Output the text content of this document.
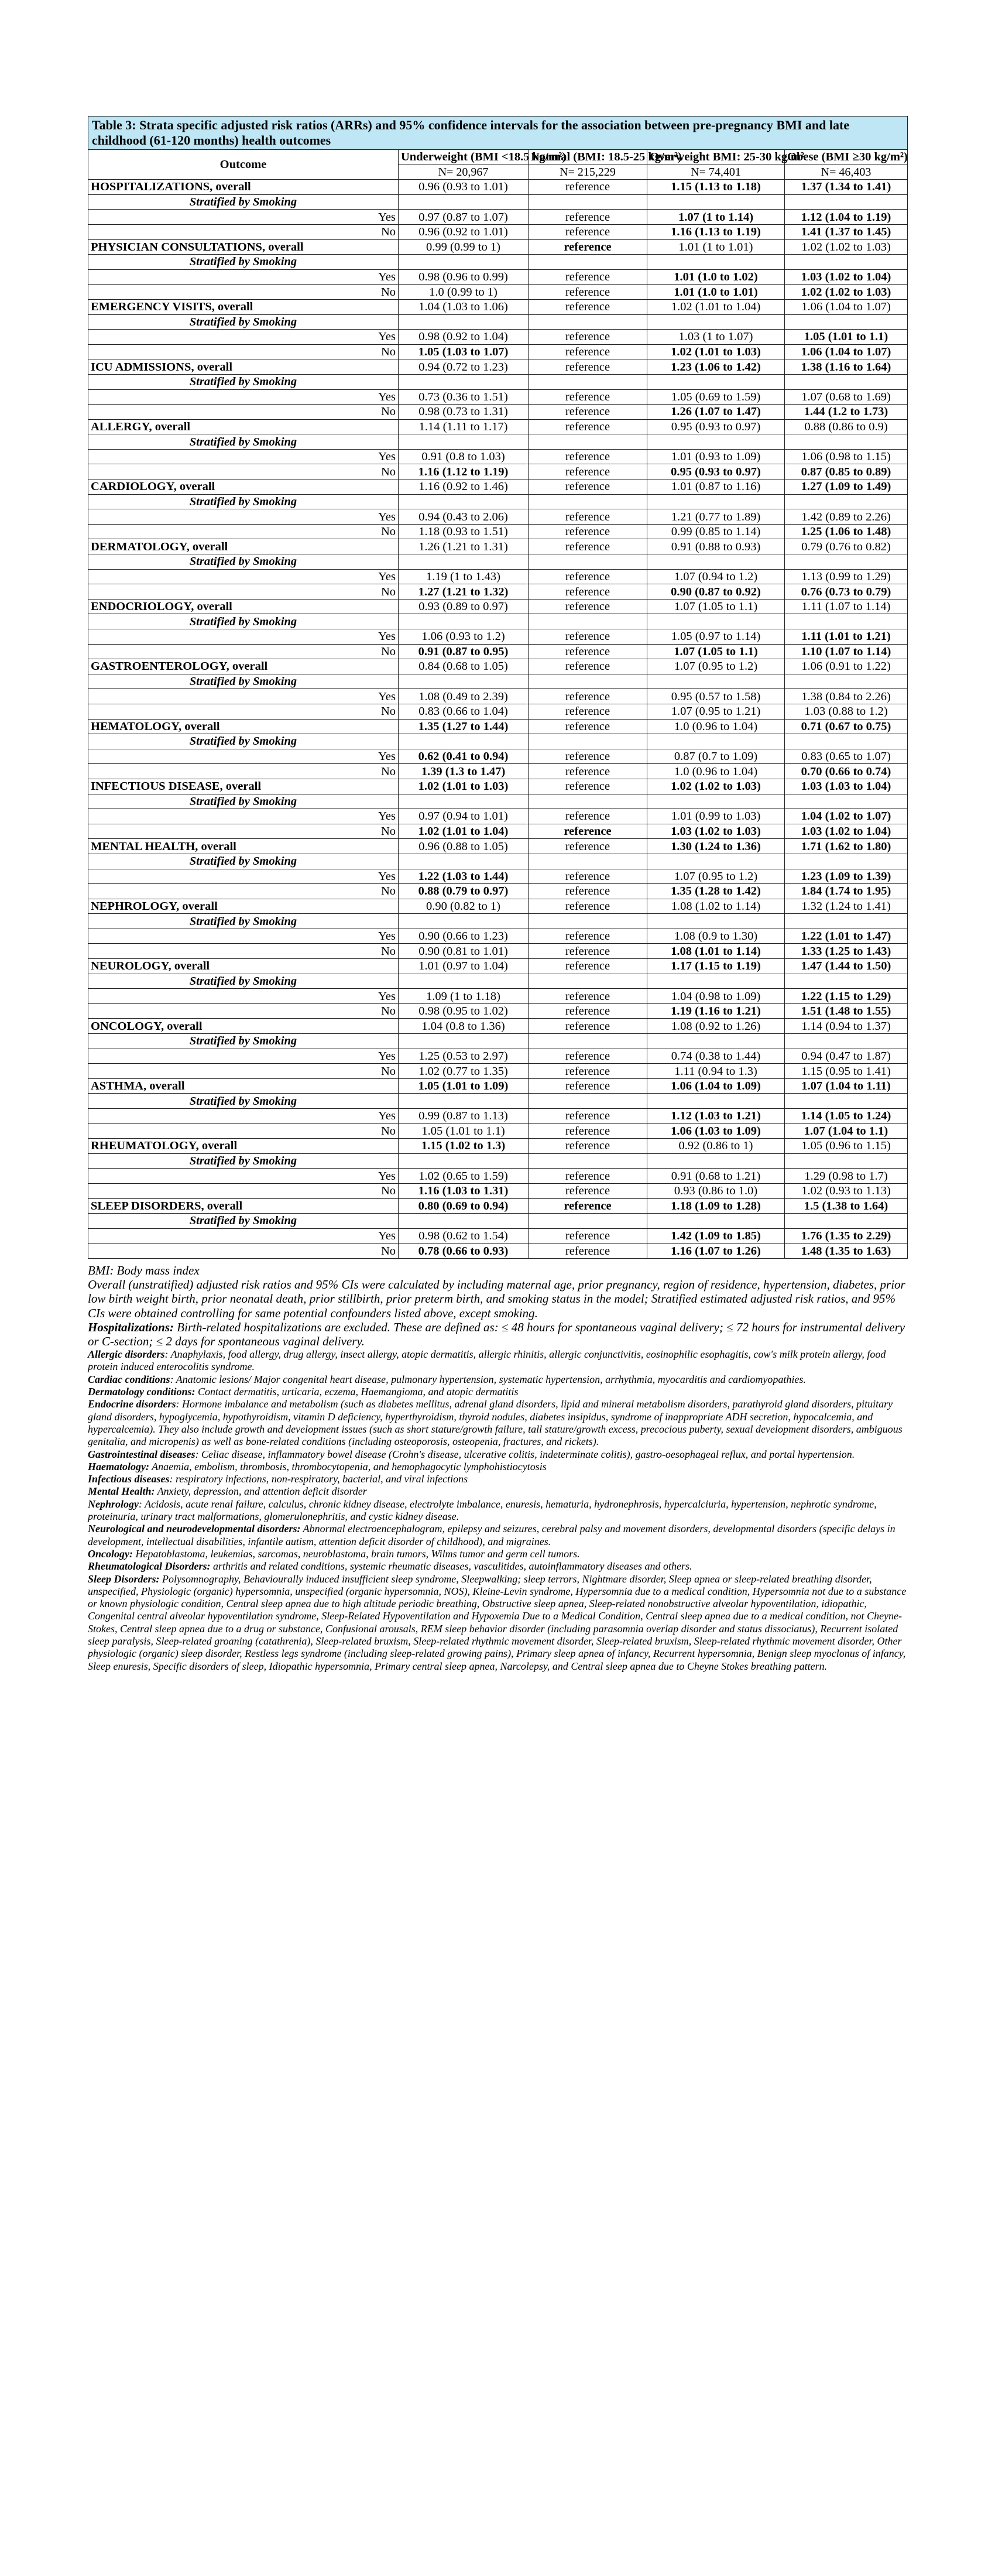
Table 3: Strata specific adjusted risk ratios (ARRs) and 95% confidence intervals for the association between pre-pregnancy BMI and late childhood (61-120 months) health outcomes				
Outcome	Underweight (BMI <18.5 kg/m²)	Normal (BMI: 18.5-25 kg/m²)	Overweight BMI: 25-30 kg/m²	Obese (BMI ≥30 kg/m²)
	N= 20,967	N= 215,229	N= 74,401	N= 46,403
HOSPITALIZATIONS, overall	0.96 (0.93 to 1.01)	reference	1.15 (1.13 to 1.18)	1.37 (1.34 to 1.41)
Stratified by Smoking				
Yes	0.97 (0.87 to 1.07)	reference	1.07 (1 to 1.14)	1.12 (1.04 to 1.19)
No	0.96 (0.92 to 1.01)	reference	1.16 (1.13 to 1.19)	1.41 (1.37 to 1.45)
PHYSICIAN CONSULTATIONS, overall	0.99 (0.99 to 1)	reference	1.01 (1 to 1.01)	1.02 (1.02 to 1.03)
Stratified by Smoking				
Yes	0.98 (0.96 to 0.99)	reference	1.01 (1.0 to 1.02)	1.03 (1.02 to 1.04)
No	1.0 (0.99 to 1)	reference	1.01 (1.0 to 1.01)	1.02 (1.02 to 1.03)
EMERGENCY VISITS, overall	1.04 (1.03 to 1.06)	reference	1.02 (1.01 to 1.04)	1.06 (1.04 to 1.07)
Stratified by Smoking				
Yes	0.98 (0.92 to 1.04)	reference	1.03 (1 to 1.07)	1.05 (1.01 to 1.1)
No	1.05 (1.03 to 1.07)	reference	1.02 (1.01 to 1.03)	1.06 (1.04 to 1.07)
ICU ADMISSIONS, overall	0.94 (0.72 to 1.23)	reference	1.23 (1.06 to 1.42)	1.38 (1.16 to 1.64)
Stratified by Smoking				
Yes	0.73 (0.36 to 1.51)	reference	1.05 (0.69 to 1.59)	1.07 (0.68 to 1.69)
No	0.98 (0.73 to 1.31)	reference	1.26 (1.07 to 1.47)	1.44 (1.2 to 1.73)
ALLERGY, overall	1.14 (1.11 to 1.17)	reference	0.95 (0.93 to 0.97)	0.88 (0.86 to 0.9)
Stratified by Smoking				
Yes	0.91 (0.8 to 1.03)	reference	1.01 (0.93 to 1.09)	1.06 (0.98 to 1.15)
No	1.16 (1.12 to 1.19)	reference	0.95 (0.93 to 0.97)	0.87 (0.85 to 0.89)
CARDIOLOGY, overall	1.16 (0.92 to 1.46)	reference	1.01 (0.87 to 1.16)	1.27 (1.09 to 1.49)
Stratified by Smoking				
Yes	0.94 (0.43 to 2.06)	reference	1.21 (0.77 to 1.89)	1.42 (0.89 to 2.26)
No	1.18 (0.93 to 1.51)	reference	0.99 (0.85 to 1.14)	1.25 (1.06 to 1.48)
DERMATOLOGY, overall	1.26 (1.21 to 1.31)	reference	0.91 (0.88 to 0.93)	0.79 (0.76 to 0.82)
Stratified by Smoking				
Yes	1.19 (1 to 1.43)	reference	1.07 (0.94 to 1.2)	1.13 (0.99 to 1.29)
No	1.27 (1.21 to 1.32)	reference	0.90 (0.87 to 0.92)	0.76 (0.73 to 0.79)
ENDOCRIOLOGY, overall	0.93 (0.89 to 0.97)	reference	1.07 (1.05 to 1.1)	1.11 (1.07 to 1.14)
Stratified by Smoking				
Yes	1.06 (0.93 to 1.2)	reference	1.05 (0.97 to 1.14)	1.11 (1.01 to 1.21)
No	0.91 (0.87 to 0.95)	reference	1.07 (1.05 to 1.1)	1.10 (1.07 to 1.14)
GASTROENTEROLOGY, overall	0.84 (0.68 to 1.05)	reference	1.07 (0.95 to 1.2)	1.06 (0.91 to 1.22)
Stratified by Smoking				
Yes	1.08 (0.49 to 2.39)	reference	0.95 (0.57 to 1.58)	1.38 (0.84 to 2.26)
No	0.83 (0.66 to 1.04)	reference	1.07 (0.95 to 1.21)	1.03 (0.88 to 1.2)
HEMATOLOGY, overall	1.35 (1.27 to 1.44)	reference	1.0 (0.96 to 1.04)	0.71 (0.67 to 0.75)
Stratified by Smoking				
Yes	0.62 (0.41 to 0.94)	reference	0.87 (0.7 to 1.09)	0.83 (0.65 to 1.07)
No	1.39 (1.3 to 1.47)	reference	1.0 (0.96 to 1.04)	0.70 (0.66 to 0.74)
INFECTIOUS DISEASE, overall	1.02 (1.01 to 1.03)	reference	1.02 (1.02 to 1.03)	1.03 (1.03 to 1.04)
Stratified by Smoking				
Yes	0.97 (0.94 to 1.01)	reference	1.01 (0.99 to 1.03)	1.04 (1.02 to 1.07)
No	1.02 (1.01 to 1.04)	reference	1.03 (1.02 to 1.03)	1.03 (1.02 to 1.04)
MENTAL HEALTH, overall	0.96 (0.88 to 1.05)	reference	1.30 (1.24 to 1.36)	1.71 (1.62 to 1.80)
Stratified by Smoking				
Yes	1.22 (1.03 to 1.44)	reference	1.07 (0.95 to 1.2)	1.23 (1.09 to 1.39)
No	0.88 (0.79 to 0.97)	reference	1.35 (1.28 to 1.42)	1.84 (1.74 to 1.95)
NEPHROLOGY, overall	0.90 (0.82 to 1)	reference	1.08 (1.02 to 1.14)	1.32 (1.24 to 1.41)
Stratified by Smoking				
Yes	0.90 (0.66 to 1.23)	reference	1.08 (0.9 to 1.30)	1.22 (1.01 to 1.47)
No	0.90 (0.81 to 1.01)	reference	1.08 (1.01 to 1.14)	1.33 (1.25 to 1.43)
NEUROLOGY, overall	1.01 (0.97 to 1.04)	reference	1.17 (1.15 to 1.19)	1.47 (1.44 to 1.50)
Stratified by Smoking				
Yes	1.09 (1 to 1.18)	reference	1.04 (0.98 to 1.09)	1.22 (1.15 to 1.29)
No	0.98 (0.95 to 1.02)	reference	1.19 (1.16 to 1.21)	1.51 (1.48 to 1.55)
ONCOLOGY, overall	1.04 (0.8 to 1.36)	reference	1.08 (0.92 to 1.26)	1.14 (0.94 to 1.37)
Stratified by Smoking				
Yes	1.25 (0.53 to 2.97)	reference	0.74 (0.38 to 1.44)	0.94 (0.47 to 1.87)
No	1.02 (0.77 to 1.35)	reference	1.11 (0.94 to 1.3)	1.15 (0.95 to 1.41)
ASTHMA, overall	1.05 (1.01 to 1.09)	reference	1.06 (1.04 to 1.09)	1.07 (1.04 to 1.11)
Stratified by Smoking				
Yes	0.99 (0.87 to 1.13)	reference	1.12 (1.03 to 1.21)	1.14 (1.05 to 1.24)
No	1.05 (1.01 to 1.1)	reference	1.06 (1.03 to 1.09)	1.07 (1.04 to 1.1)
RHEUMATOLOGY, overall	1.15 (1.02 to 1.3)	reference	0.92 (0.86 to 1)	1.05 (0.96 to 1.15)
Stratified by Smoking				
Yes	1.02 (0.65 to 1.59)	reference	0.91 (0.68 to 1.21)	1.29 (0.98 to 1.7)
No	1.16 (1.03 to 1.31)	reference	0.93 (0.86 to 1.0)	1.02 (0.93 to 1.13)
SLEEP DISORDERS, overall	0.80 (0.69 to 0.94)	reference	1.18 (1.09 to 1.28)	1.5 (1.38 to 1.64)
Stratified by Smoking				
Yes	0.98 (0.62 to 1.54)	reference	1.42 (1.09 to 1.85)	1.76 (1.35 to 2.29)
No	0.78 (0.66 to 0.93)	reference	1.16 (1.07 to 1.26)	1.48 (1.35 to 1.63)

BMI: Body mass index

Overall (unstratified) adjusted risk ratios and 95% CIs were calculated by including maternal age, prior pregnancy, region of residence, hypertension, diabetes, prior low birth weight birth, prior neonatal death, prior stillbirth, prior preterm birth, and smoking status in the model; Stratified estimated adjusted risk ratios, and 95% CIs were obtained controlling for same potential confounders listed above, except smoking.

Hospitalizations: Birth-related hospitalizations are excluded. These are defined as: ≤ 48 hours for spontaneous vaginal delivery; ≤ 72 hours for instrumental delivery or C-section; ≤ 2 days for spontaneous vaginal delivery.

Allergic disorders: Anaphylaxis, food allergy, drug allergy, insect allergy, atopic dermatitis, allergic rhinitis, allergic conjunctivitis, eosinophilic esophagitis, cow's milk protein allergy, food protein induced enterocolitis syndrome.

Cardiac conditions: Anatomic lesions/ Major congenital heart disease, pulmonary hypertension, systematic hypertension, arrhythmia, myocarditis and cardiomyopathies.

Dermatology conditions: Contact dermatitis, urticaria, eczema, Haemangioma, and atopic dermatitis

Endocrine disorders: Hormone imbalance and metabolism (such as diabetes mellitus, adrenal gland disorders, lipid and mineral metabolism disorders, parathyroid gland disorders, pituitary gland disorders, hypoglycemia, hypothyroidism, vitamin D deficiency, hyperthyroidism, thyroid nodules, diabetes insipidus, syndrome of inappropriate ADH secretion, hypocalcemia, and hypercalcemia). They also include growth and development issues (such as short stature/growth failure, tall stature/growth excess, precocious puberty, sexual development disorders, ambiguous genitalia, and micropenis) as well as bone-related conditions (including osteoporosis, osteopenia, fractures, and rickets).

Gastrointestinal diseases: Celiac disease, inflammatory bowel disease (Crohn's disease, ulcerative colitis, indeterminate colitis), gastro-oesophageal reflux, and portal hypertension.

Haematology: Anaemia, embolism, thrombosis, thrombocytopenia, and hemophagocytic lymphohistiocytosis

Infectious diseases: respiratory infections, non-respiratory, bacterial, and viral infections

Mental Health: Anxiety, depression, and attention deficit disorder

Nephrology: Acidosis, acute renal failure, calculus, chronic kidney disease, electrolyte imbalance, enuresis, hematuria, hydronephrosis, hypercalciuria, hypertension, nephrotic syndrome, proteinuria, urinary tract malformations, glomerulonephritis, and cystic kidney disease.

Neurological and neurodevelopmental disorders: Abnormal electroencephalogram, epilepsy and seizures, cerebral palsy and movement disorders, developmental disorders (specific delays in development, intellectual disabilities, infantile autism, attention deficit disorder of childhood), and migraines.

Oncology: Hepatoblastoma, leukemias, sarcomas, neuroblastoma, brain tumors, Wilms tumor and germ cell tumors.

Rheumatological Disorders: arthritis and related conditions, systemic rheumatic diseases, vasculitides, autoinflammatory diseases and others.

Sleep Disorders: Polysomnography, Behaviourally induced insufficient sleep syndrome, Sleepwalking; sleep terrors, Nightmare disorder, Sleep apnea or sleep-related breathing disorder, unspecified, Physiologic (organic) hypersomnia, unspecified (organic hypersomnia, NOS), Kleine-Levin syndrome, Hypersomnia due to a medical condition, Hypersomnia not due to a substance or known physiologic condition, Central sleep apnea due to high altitude periodic breathing, Obstructive sleep apnea, Sleep-related nonobstructive alveolar hypoventilation, idiopathic, Congenital central alveolar hypoventilation syndrome, Sleep-Related Hypoventilation and Hypoxemia Due to a Medical Condition, Central sleep apnea due to a medical condition, not Cheyne-Stokes, Central sleep apnea due to a drug or substance, Confusional arousals, REM sleep behavior disorder (including parasomnia overlap disorder and status dissociatus), Recurrent isolated sleep paralysis, Sleep-related groaning (catathrenia), Sleep-related bruxism, Sleep-related rhythmic movement disorder, Sleep-related bruxism, Sleep-related rhythmic movement disorder, Other physiologic (organic) sleep disorder, Restless legs syndrome (including sleep-related growing pains), Primary sleep apnea of infancy, Recurrent hypersomnia, Benign sleep myoclonus of infancy, Sleep enuresis, Specific disorders of sleep, Idiopathic hypersomnia, Primary central sleep apnea, Narcolepsy, and Central sleep apnea due to Cheyne Stokes breathing pattern.
